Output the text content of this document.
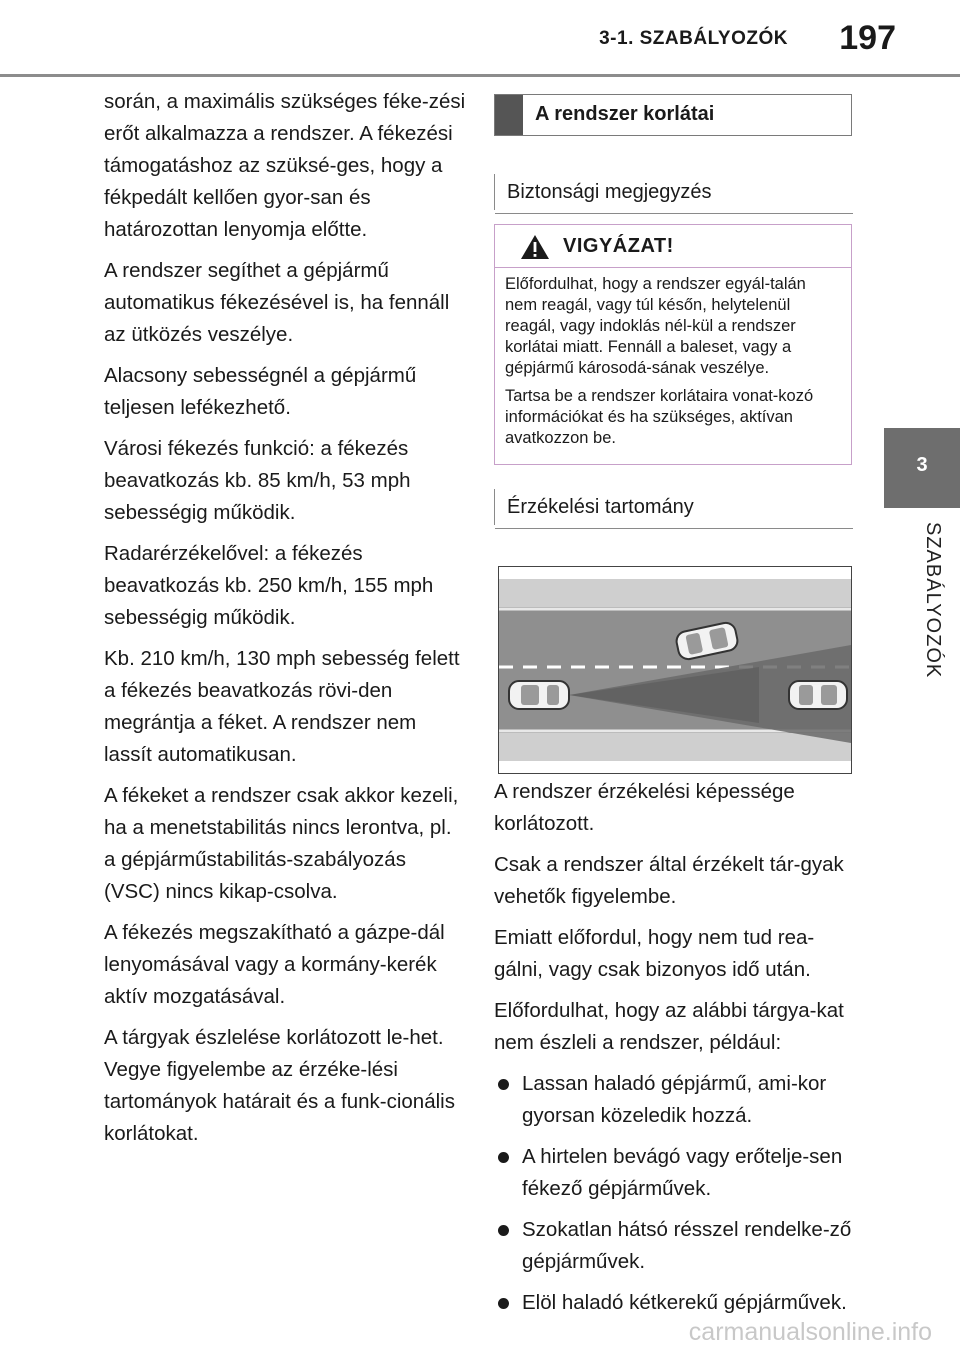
3-1. SZABÁLYOZÓK	197
3
SZABÁLYOZÓK

során, a maximális szükséges féke-zési erőt alkalmazza a rendszer. A fékezési támogatáshoz az szüksé-ges, hogy a fékpedált kellően gyor-san és határozottan lenyomja előtte.

A rendszer segíthet a gépjármű automatikus fékezésével is, ha fennáll az ütközés veszélye.

Alacsony sebességnél a gépjármű teljesen lefékezhető.

Városi fékezés funkció: a fékezés beavatkozás kb. 85 km/h, 53 mph sebességig működik.

Radarérzékelővel: a fékezés beavatkozás kb. 250 km/h, 155 mph sebességig működik.

Kb. 210 km/h, 130 mph sebesség felett a fékezés beavatkozás rövi-den megrántja a féket. A rendszer nem lassít automatikusan.

A fékeket a rendszer csak akkor kezeli, ha a menetstabilitás nincs lerontva, pl. a gépjárműstabilitás-szabályozás (VSC) nincs kikap-csolva.

A fékezés megszakítható a gázpe-dál lenyomásával vagy a kormány-kerék aktív mozgatásával.

A tárgyak észlelése korlátozott le-het. Vegye figyelembe az érzéke-lési tartományok határait és a funk-cionális korlátokat.

A rendszer korlátai
Biztonsági megjegyzés
VIGYÁZAT!

Előfordulhat, hogy a rendszer egyál-talán nem reagál, vagy túl későn, helytelenül reagál, vagy indoklás nél-kül a rendszer korlátai miatt. Fennáll a baleset, vagy a gépjármű károsodá-sának veszélye.

Tartsa be a rendszer korlátaira vonat-kozó információkat és ha szükséges, aktívan avatkozzon be.

Érzékelési tartomány

A rendszer érzékelési képessége korlátozott.

Csak a rendszer által érzékelt tár-gyak vehetők figyelembe.

Emiatt előfordul, hogy nem tud rea-gálni, vagy csak bizonyos idő után.

Előfordulhat, hogy az alábbi tárgya-kat nem észleli a rendszer, például:

Lassan haladó gépjármű, ami-kor gyorsan közeledik hozzá.
A hirtelen bevágó vagy erőtelje-sen fékező gépjárművek.
Szokatlan hátsó résszel rendelke-ző gépjárművek.
Elöl haladó kétkerekű gépjárművek.
carmanualsonline.info
